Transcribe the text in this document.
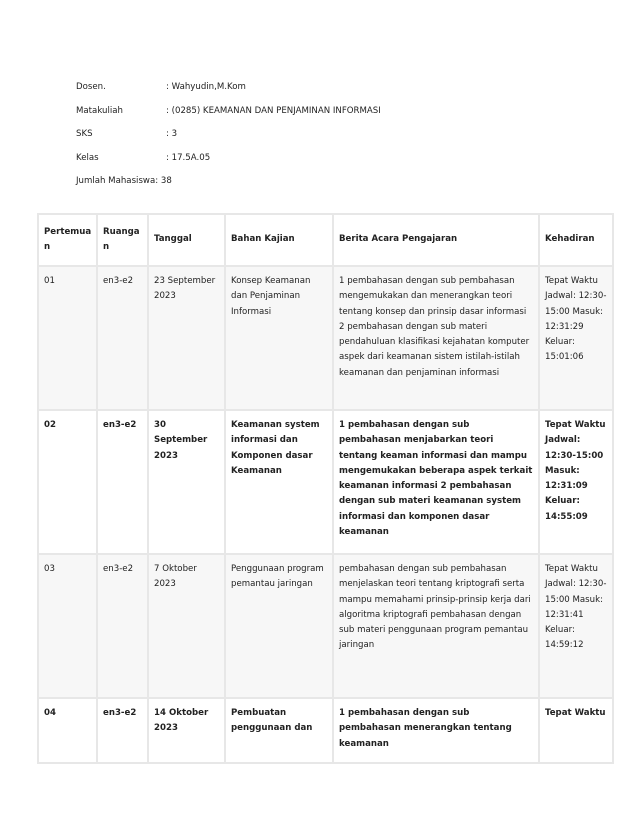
Dosen.	: Wahyudin,M.Kom
Matakuliah	: (0285) KEAMANAN DAN PENJAMINAN INFORMASI
SKS	: 3
Kelas	: 17.5A.05
Jumlah Mahasiswa : 38
Pertemuan	Ruangan	Tanggal	Bahan Kajian	Berita Acara Pengajaran	Kehadiran
01	en3-e2	23 September 2023	Konsep Keamanan dan Penjaminan Informasi	1 pembahasan dengan sub pembahasan mengemukakan dan menerangkan teori tentang konsep dan prinsip dasar informasi 2 pembahasan dengan sub materi pendahuluan klasifikasi kejahatan komputer aspek dari keamanan sistem istilah-istilah keamanan dan penjaminan informasi	Tepat Waktu Jadwal: 12:30-15:00 Masuk: 12:31:29 Keluar: 15:01:06
02	en3-e2	30 September 2023	Keamanan system informasi dan Komponen dasar Keamanan	1 pembahasan dengan sub pembahasan menjabarkan teori tentang keaman informasi dan mampu mengemukakan beberapa aspek terkait keamanan informasi 2 pembahasan dengan sub materi keamanan system informasi dan komponen dasar keamanan	Tepat Waktu Jadwal: 12:30-15:00 Masuk: 12:31:09 Keluar: 14:55:09
03	en3-e2	7 Oktober 2023	Penggunaan program pemantau jaringan	pembahasan dengan sub pembahasan menjelaskan teori tentang kriptografi serta mampu memahami prinsip-prinsip kerja dari algoritma kriptografi pembahasan dengan sub materi penggunaan program pemantau jaringan	Tepat Waktu Jadwal: 12:30-15:00 Masuk: 12:31:41 Keluar: 14:59:12
04	en3-e2	14 Oktober 2023	Pembuatan penggunaan dan	1 pembahasan dengan sub pembahasan menerangkan tentang keamanan	Tepat Waktu
